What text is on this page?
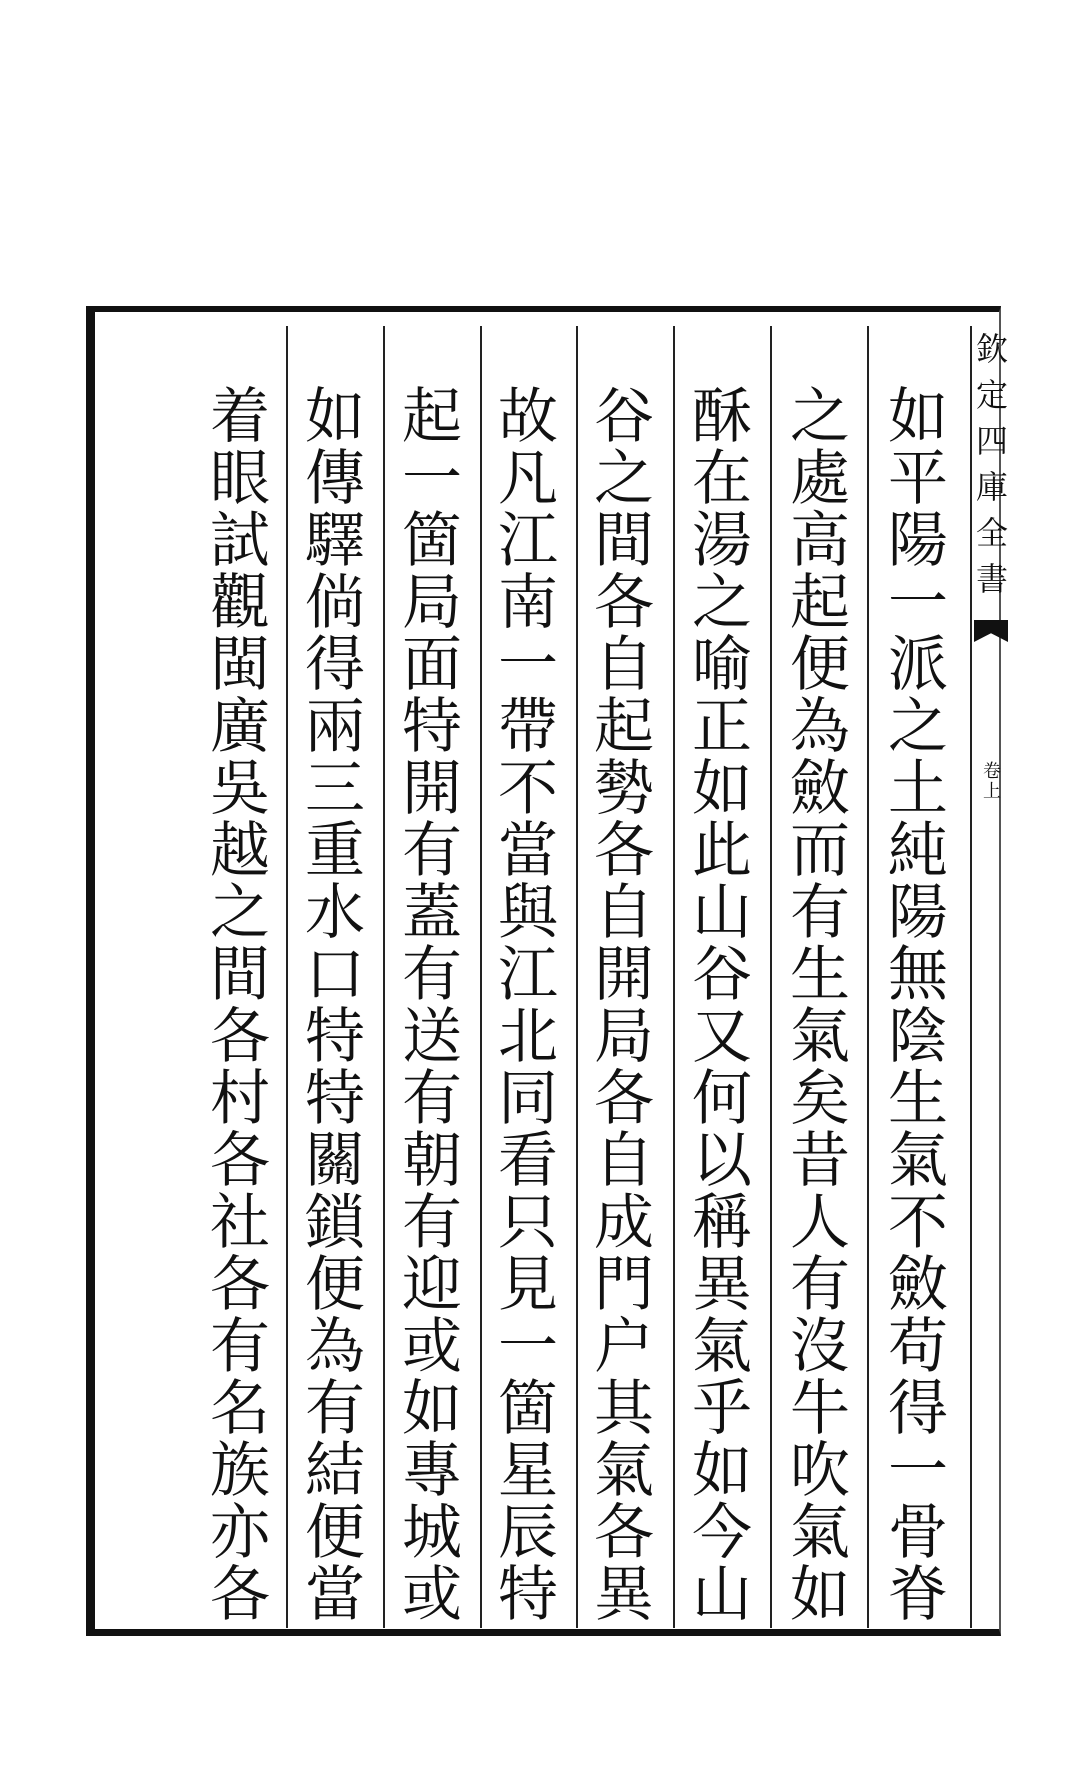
欽
定
四
庫
全
書
卷上
如
平
陽
一
派
之
土
純
陽
無
陰
生
氣
不
斂
苟
得
一
骨
脊
之
處
高
起
便
為
斂
而
有
生
氣
矣
昔
人
有
沒
牛
吹
氣
如
酥
在
湯
之
喻
正
如
此
山
谷
又
何
以
稱
異
氣
乎
如
今
山
谷
之
間
各
自
起
勢
各
自
開
局
各
自
成
門
户
其
氣
各
異
故
凡
江
南
一
帶
不
當
與
江
北
同
看
只
見
一
箇
星
辰
特
起
一
箇
局
面
特
開
有
蓋
有
送
有
朝
有
迎
或
如
專
城
或
如
傳
驛
倘
得
兩
三
重
水
口
特
特
關
鎖
便
為
有
結
便
當
着
眼
試
觀
閩
廣
吳
越
之
間
各
村
各
社
各
有
名
族
亦
各
